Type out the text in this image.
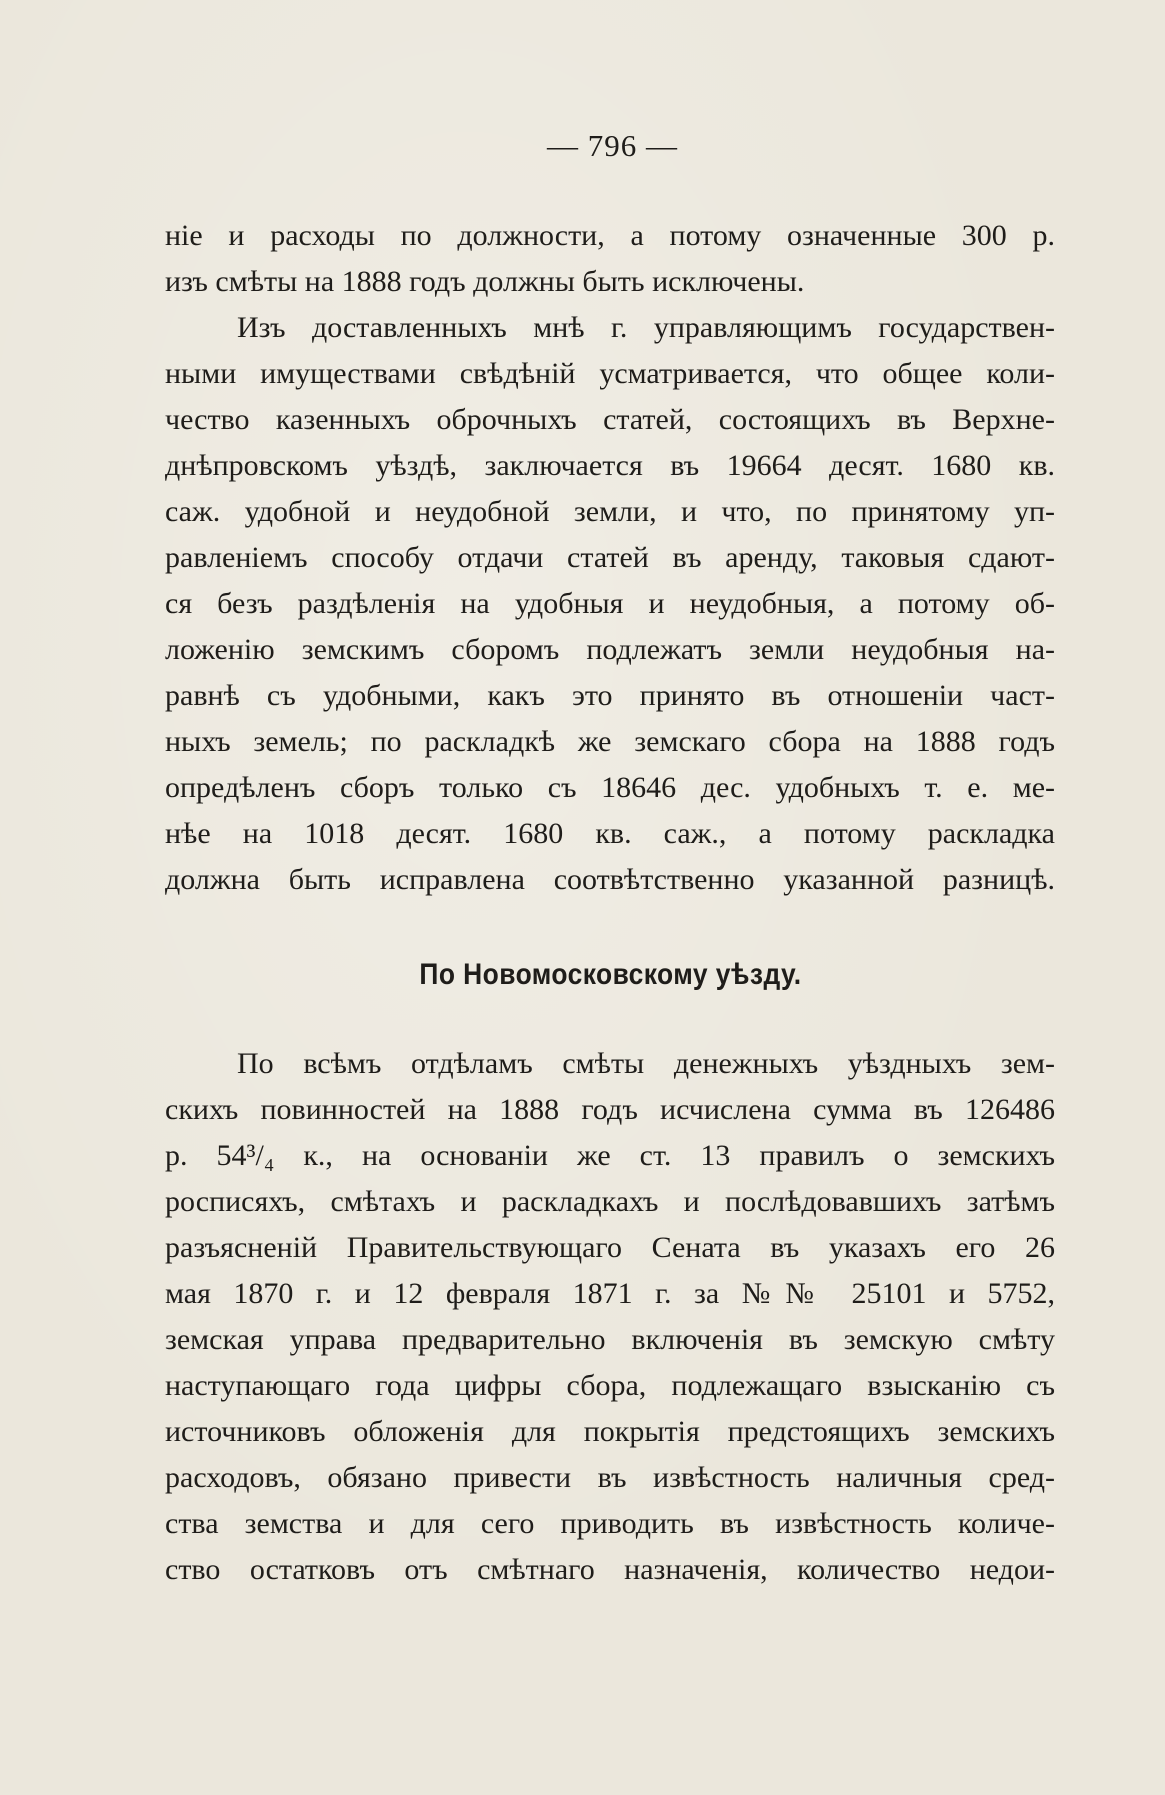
— 796 —
ніе и расходы по должности, а потому означенные 300 р.
изъ смѣты на 1888 годъ должны быть исключены.
Изъ доставленныхъ мнѣ г. управляющимъ государствен-
ными имуществами свѣдѣній усматривается, что общее коли-
чество казенныхъ оброчныхъ статей, состоящихъ въ Верхне-
днѣпровскомъ уѣздѣ, заключается въ 19664 десят. 1680 кв.
саж. удобной и неудобной земли, и что, по принятому уп-
равленіемъ способу отдачи статей въ аренду, таковыя сдают-
ся безъ раздѣленія на удобныя и неудобныя, а потому об-
ложенію земскимъ сборомъ подлежатъ земли неудобныя на-
равнѣ съ удобными, какъ это принято въ отношеніи част-
ныхъ земель; по раскладкѣ же земскаго сбора на 1888 годъ
опредѣленъ сборъ только съ 18646 дес. удобныхъ т. е. ме-
нѣе на 1018 десят. 1680 кв. саж., а потому раскладка
должна быть исправлена соотвѣтственно указанной разницѣ.
По Новомосковскому уѣзду.
По всѣмъ отдѣламъ смѣты денежныхъ уѣздныхъ зем-
скихъ повинностей на 1888 годъ исчислена сумма въ 126486
р. 54³/₄ к., на основаніи же ст. 13 правилъ о земскихъ
росписяхъ, смѣтахъ и раскладкахъ и послѣдовавшихъ затѣмъ
разъясненій Правительствующаго Сената въ указахъ его 26
мая 1870 г. и 12 февраля 1871 г. за №№ 25101 и 5752,
земская управа предварительно включенія въ земскую смѣту
наступающаго года цифры сбора, подлежащаго взысканію съ
источниковъ обложенія для покрытія предстоящихъ земскихъ
расходовъ, обязано привести въ извѣстность наличныя сред-
ства земства и для сего приводить въ извѣстность количе-
ство остатковъ отъ смѣтнаго назначенія, количество недои-
